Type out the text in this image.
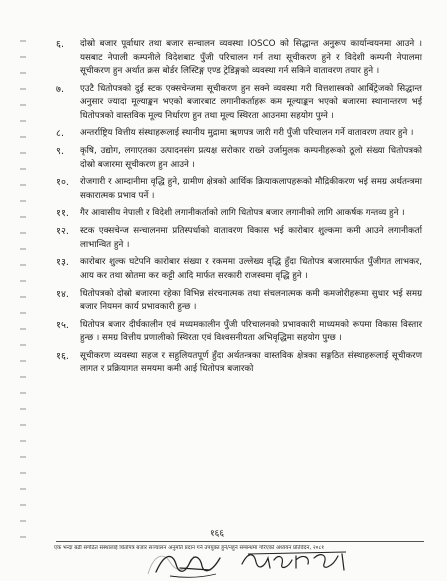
६.	दोस्रो बजार पूर्वाधार तथा बजार सन्चालन व्यवस्था IOSCO को सिद्धान्त अनुरूप कार्यान्वयनमा आउने । यसबाट नेपाली कम्पनीले विदेशबाट पुँजी परिचालन गर्न तथा सूचीकरण हुने र विदेशी कम्पनी नेपालमा सूचीकरण हुन अर्थात क्रस बोर्डर लिस्टिङ्ग एण्ड ट्रेडिङ्गको व्यवस्था गर्न सकिने वातावरण तयार हुने ।
७.	एउटै धितोपत्रको दुई स्टक एक्सचेन्जमा सूचीकरण हुन सक्ने व्यवस्था गरी वित्तशास्त्रको आर्बिट्रेजको सिद्धान्त अनुसार ज्यादा मूल्याङ्कन भएको बजारबाट लगानीकर्ताहरू कम मूल्याङ्कन भएको बजारमा स्थानान्तरण भई धितोपत्रको वास्तविक मूल्य निर्धारण हुन तथा मूल्य स्थिरता आउनमा सहयोग पुग्ने ।
८.	अन्तर्राष्ट्रिय वित्तीय संस्थाहरूलाई स्थानीय मुद्रामा ऋणपत्र जारी गरी पुँजी परिचालन गर्ने वातावरण तयार हुने ।
९.	कृषि, उद्योग, लगाएतका उत्पादनसंग प्रत्यक्ष सरोकार राख्ने उर्जामुलक कम्पनीहरूको ठूलो संख्या धितोपत्रको दोस्रो बजारमा सूचीकरण हुन आउने ।
१०.	रोजगारी र आम्दानीमा वृद्धि हुने, ग्रामीण क्षेत्रको आर्थिक क्रियाकलापहरूको मौद्रिकीकरण भई समग्र अर्थतन्त्रमा सकारात्मक प्रभाव पर्ने ।
११.	गैर आवासीय नेपाली र विदेशी लगानीकर्ताको लागि धितोपत्र बजार लगानीको लागि आकर्षक गन्तव्य हुने ।
१२.	स्टक एक्सचेन्ज सन्चालनमा प्रतिस्पर्धाको वातावरण विकास भई कारोबार शुल्कमा कमी आउने लगानीकर्ता लाभान्वित हुने ।
१३.	कारोबार शुल्क घटेपनि कारोबार संख्या र रकममा उल्लेख्य वृद्धि हुँदा धितोपत्र बजारमार्फत पुँजीगत लाभकर, आय कर तथा स्रोतमा कर कट्टी आदि मार्फत सरकारी राजस्वमा वृद्धि हुने ।
१४.	धितोपत्रको दोस्रो बजारमा रहेका विभिन्न संरचनात्मक तथा संचलनात्मक कमी कमजोरीहरूमा सुधार भई समग्र बजार नियमन कार्य प्रभावकारी हुन्छ ।
१५.	धितोपत्र बजार दीर्घकालीन एवं मध्यमकालीन पुँजी परिचालनको प्रभावकारी माध्यमको रूपमा विकास विस्तार हुन्छ । समग्र वित्तीय प्रणालीको स्थिरता एवं विश्वसनीयता अभिवृद्धिमा सहयोग पुग्छ ।
१६.	सूचीकरण व्यवस्था सहज र सहुलियतपूर्ण हुँदा अर्थतन्त्रका वास्तविक क्षेत्रका सङ्गठित संस्थाहरूलाई सूचीकरण लागत र प्रक्रियागत समयमा कमी आई धितोपत्र बजारको
१६६
एक भन्दा बढी संगठित संस्थालाई धितोपत्र बजार सञ्चालन अनुमति प्रदान गर्न उपयुक्त हुने/नहुने सम्बन्धमा गरिएको अध्ययन प्रतिवेदन, २०८१
